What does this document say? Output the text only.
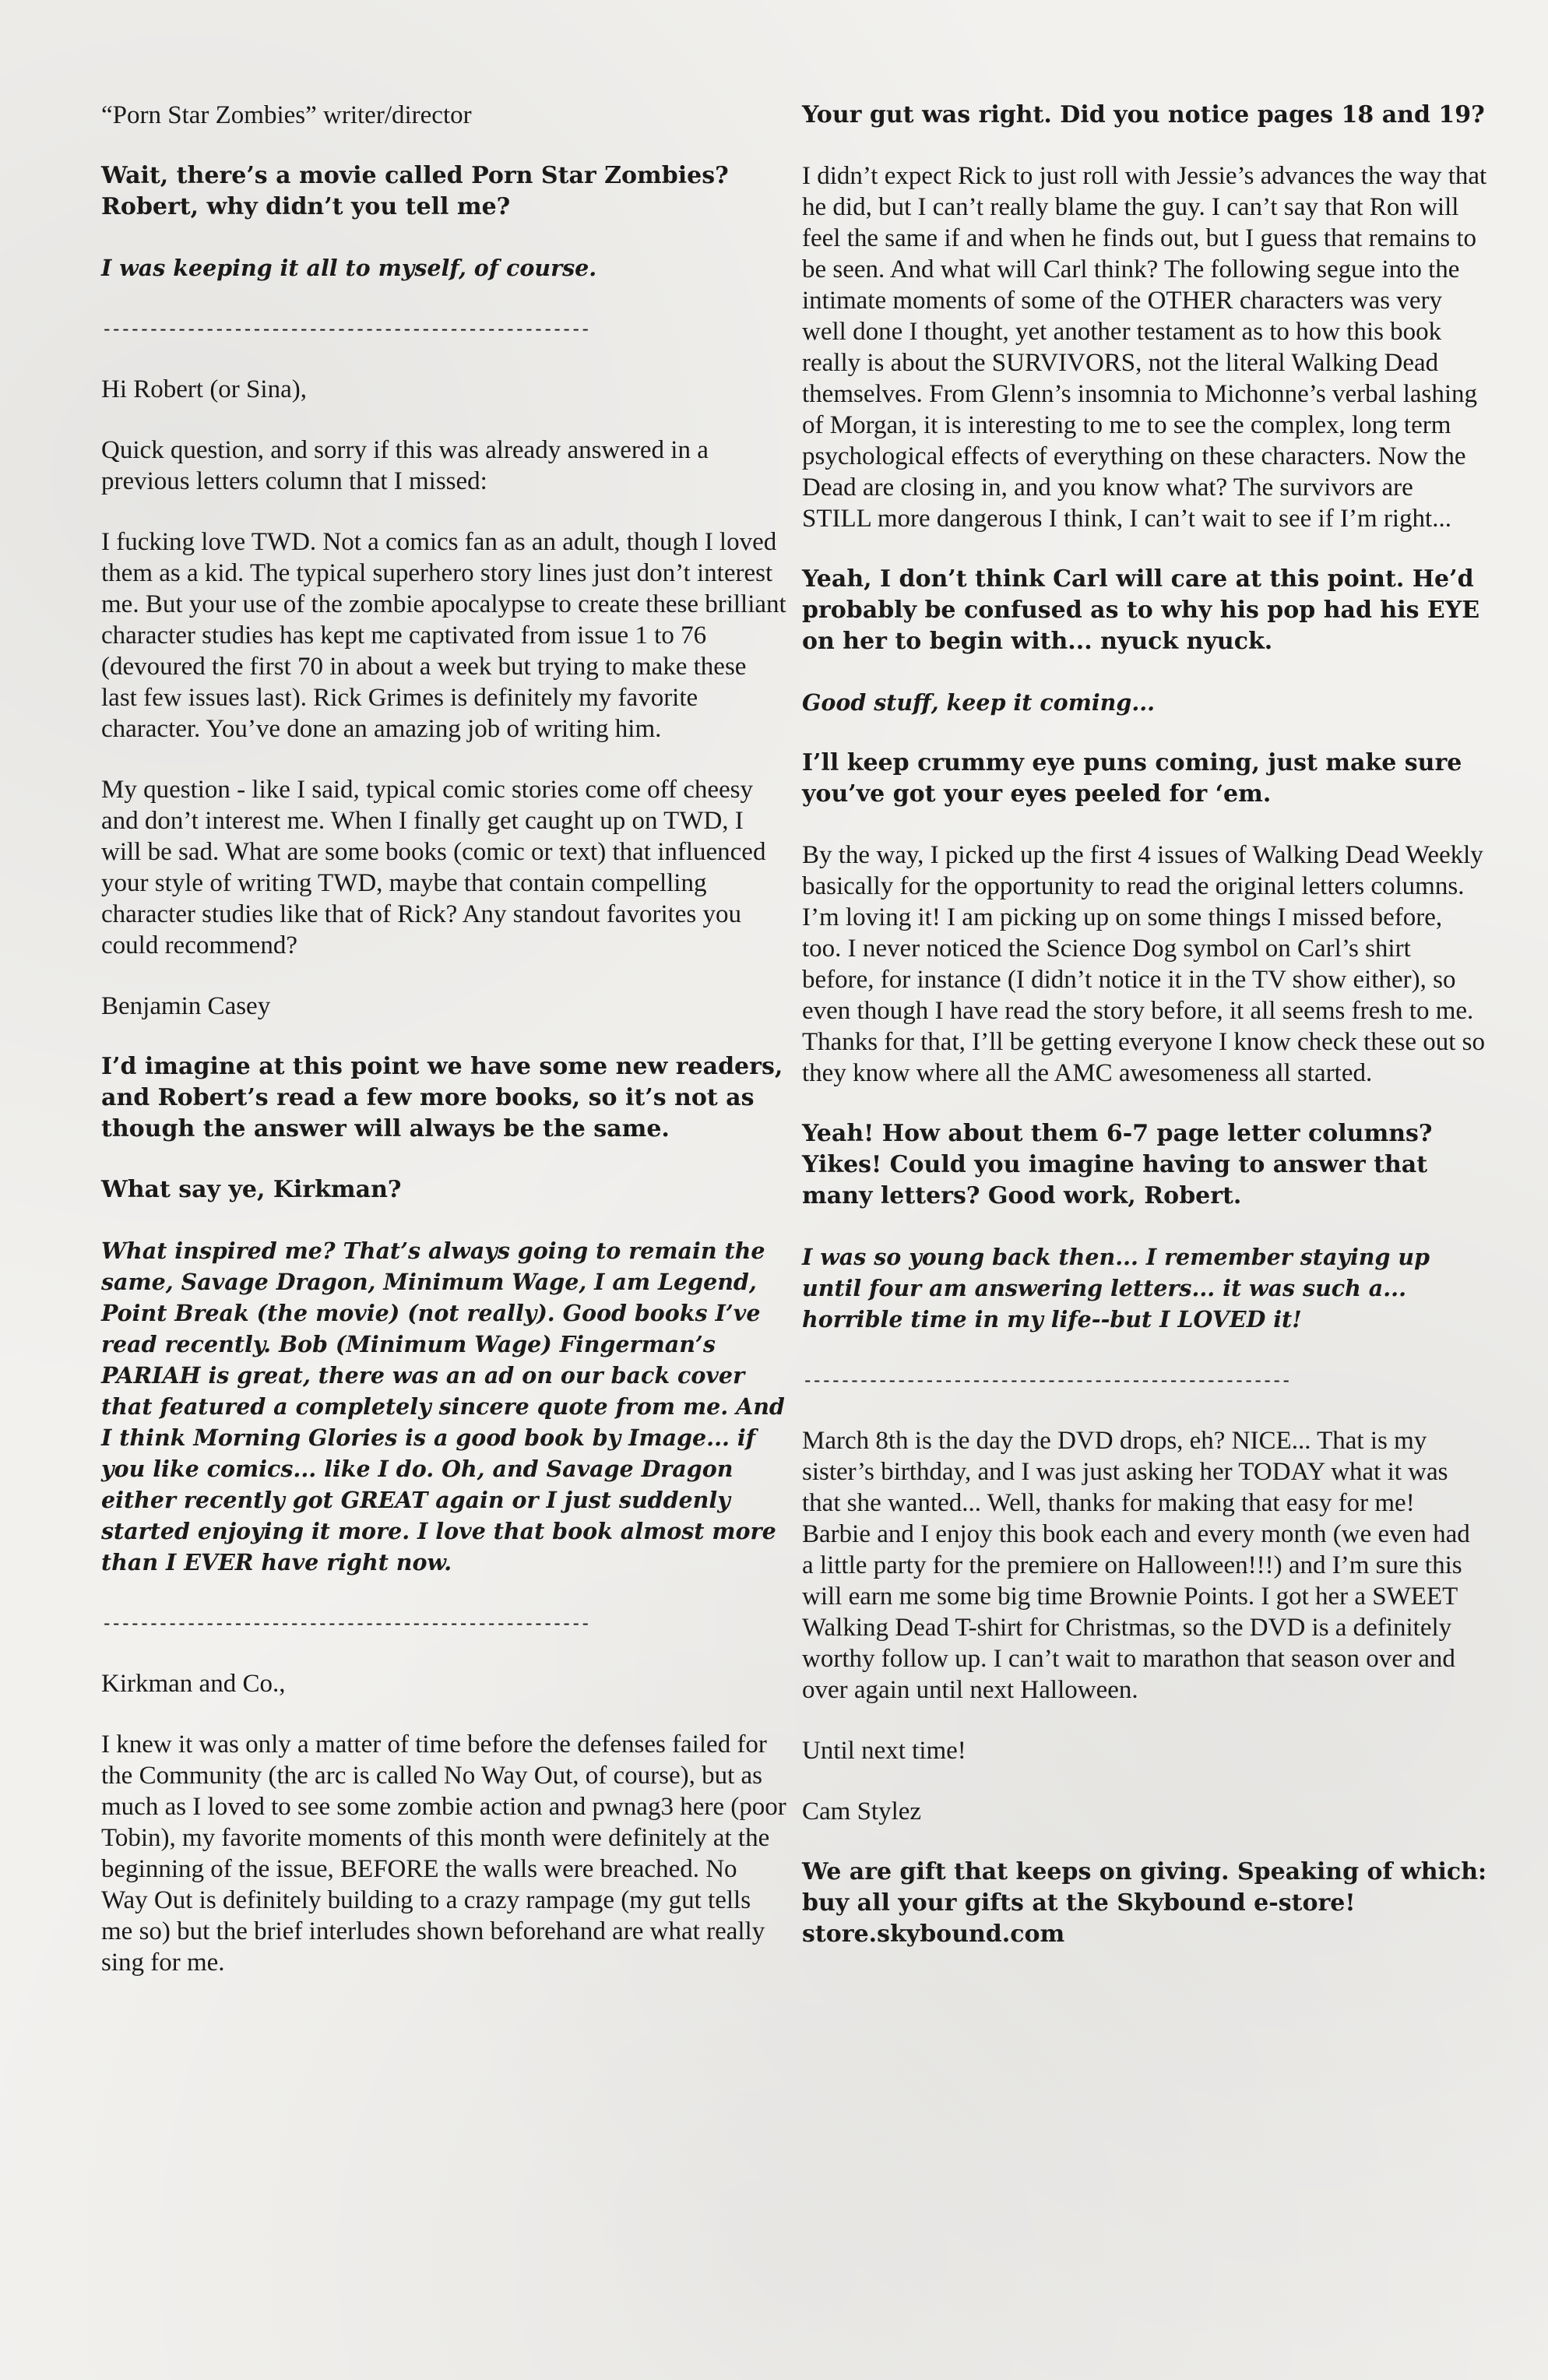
“Porn Star Zombies” writer/director

Wait, there’s a movie called Porn Star Zombies? Robert, why didn’t you tell me?

I was keeping it all to myself, of course.

----------------------------------------------------

Hi Robert (or Sina),

Quick question, and sorry if this was already answered in a previous letters column that I missed:

I fucking love TWD. Not a comics fan as an adult, though I loved them as a kid. The typical superhero story lines just don’t interest me. But your use of the zombie apocalypse to create these brilliant character studies has kept me captivated from issue 1 to 76 (devoured the first 70 in about a week but trying to make these last few issues last). Rick Grimes is definitely my favorite character. You’ve done an amazing job of writing him.

My question - like I said, typical comic stories come off cheesy and don’t interest me. When I finally get caught up on TWD, I will be sad. What are some books (comic or text) that influenced your style of writing TWD, maybe that contain compelling character studies like that of Rick? Any standout favorites you could recommend?

Benjamin Casey

I’d imagine at this point we have some new readers, and Robert’s read a few more books, so it’s not as though the answer will always be the same.

What say ye, Kirkman?

What inspired me? That’s always going to remain the same, Savage Dragon, Minimum Wage, I am Legend, Point Break (the movie) (not really). Good books I’ve read recently. Bob (Minimum Wage) Fingerman’s PARIAH is great, there was an ad on our back cover that featured a completely sincere quote from me. And I think Morning Glories is a good book by Image... if you like comics... like I do. Oh, and Savage Dragon either recently got GREAT again or I just suddenly started enjoying it more. I love that book almost more than I EVER have right now.

----------------------------------------------------

Kirkman and Co.,

I knew it was only a matter of time before the defenses failed for the Community (the arc is called No Way Out, of course), but as much as I loved to see some zombie action and pwnag3 here (poor Tobin), my favorite moments of this month were definitely at the beginning of the issue, BEFORE the walls were breached. No Way Out is definitely building to a crazy rampage (my gut tells me so) but the brief interludes shown beforehand are what really sing for me.

Your gut was right. Did you notice pages 18 and 19?

I didn’t expect Rick to just roll with Jessie’s advances the way that he did, but I can’t really blame the guy. I can’t say that Ron will feel the same if and when he finds out, but I guess that remains to be seen. And what will Carl think? The following segue into the intimate moments of some of the OTHER characters was very well done I thought, yet another testament as to how this book really is about the SURVIVORS, not the literal Walking Dead themselves. From Glenn’s insomnia to Michonne’s verbal lashing of Morgan, it is interesting to me to see the complex, long term psychological effects of everything on these characters. Now the Dead are closing in, and you know what? The survivors are STILL more dangerous I think, I can’t wait to see if I’m right...

Yeah, I don’t think Carl will care at this point. He’d probably be confused as to why his pop had his EYE on her to begin with... nyuck nyuck.

Good stuff, keep it coming...

I’ll keep crummy eye puns coming, just make sure you’ve got your eyes peeled for ‘em.

By the way, I picked up the first 4 issues of Walking Dead Weekly basically for the opportunity to read the original letters columns. I’m loving it! I am picking up on some things I missed before, too. I never noticed the Science Dog symbol on Carl’s shirt before, for instance (I didn’t notice it in the TV show either), so even though I have read the story before, it all seems fresh to me. Thanks for that, I’ll be getting everyone I know check these out so they know where all the AMC awesomeness all started.

Yeah! How about them 6-7 page letter columns? Yikes! Could you imagine having to answer that many letters? Good work, Robert.

I was so young back then... I remember staying up until four am answering letters... it was such a... horrible time in my life--but I LOVED it!

----------------------------------------------------

March 8th is the day the DVD drops, eh? NICE... That is my sister’s birthday, and I was just asking her TODAY what it was that she wanted... Well, thanks for making that easy for me! Barbie and I enjoy this book each and every month (we even had a little party for the premiere on Halloween!!!) and I’m sure this will earn me some big time Brownie Points. I got her a SWEET Walking Dead T-shirt for Christmas, so the DVD is a definitely worthy follow up. I can’t wait to marathon that season over and over again until next Halloween.

Until next time!

Cam Stylez

We are gift that keeps on giving. Speaking of which: buy all your gifts at the Skybound e-store! store.skybound.com
